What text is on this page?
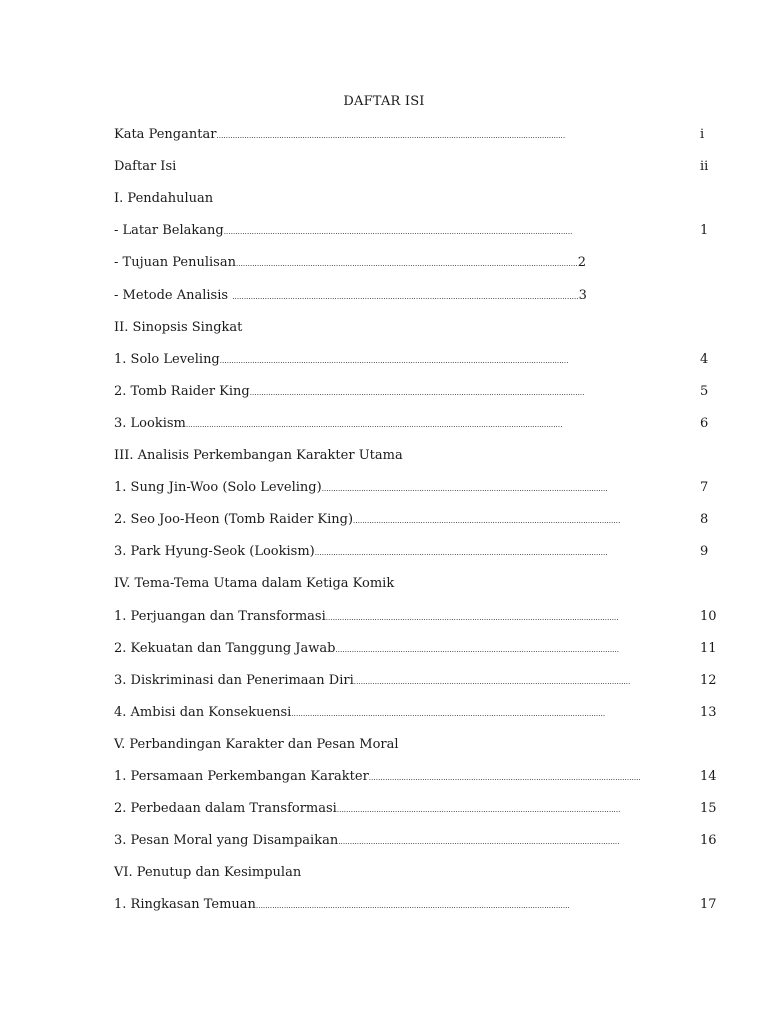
DAFTAR ISI
Kata Pengantar......................................................................................................................................................	i
Daftar Isi	ii
I. Pendahuluan
- Latar Belakang......................................................................................................................................................	1
- Tujuan Penulisan...................................................................................................................................................2
- Metode Analisis .....................................................................................................................................................3
II. Sinopsis Singkat
1. Solo Leveling......................................................................................................................................................	4
2. Tomb Raider King................................................................................................................................................	5
3. Lookism..................................................................................................................................................................	6
III. Analisis Perkembangan Karakter Utama
1. Sung Jin-Woo (Solo Leveling)...........................................................................................................................	7
2. Seo Joo-Heon (Tomb Raider King)...................................................................................................................	8
3. Park Hyung-Seok (Lookism)..............................................................................................................................	9
IV. Tema-Tema Utama dalam Ketiga Komik
1. Perjuangan dan Transformasi..............................................................................................................................	10
2. Kekuatan dan Tanggung Jawab..........................................................................................................................	11
3. Diskriminasi dan Penerimaan Diri.......................................................................................................................	12
4. Ambisi dan Konsekuensi.......................................................................................................................................	13
V. Perbandingan Karakter dan Pesan Moral
1. Persamaan Perkembangan Karakter.....................................................................................................................	14
2. Perbedaan dalam Transformasi..........................................................................................................................	15
3. Pesan Moral yang Disampaikan.........................................................................................................................	16
VI. Penutup dan Kesimpulan
1. Ringkasan Temuan.......................................................................................................................................	17
